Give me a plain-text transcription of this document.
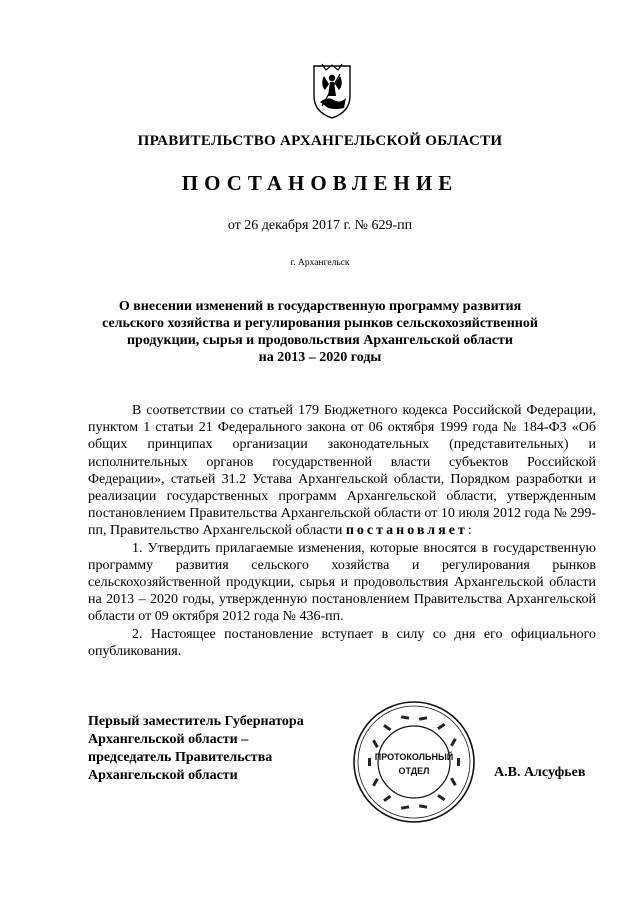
ПРАВИТЕЛЬСТВО АРХАНГЕЛЬСКОЙ ОБЛАСТИ
ПОСТАНОВЛЕНИЕ
от 26 декабря 2017 г. № 629-пп
г. Архангельск
О внесении изменений в государственную программу развития
сельского хозяйства и регулирования рынков сельскохозяйственной
продукции, сырья и продовольствия Архангельской области
на 2013 – 2020 годы

В соответствии со статьей 179 Бюджетного кодекса Российской Федерации, пунктом 1 статьи 21 Федерального закона от 06 октября 1999 года № 184-ФЗ «Об общих принципах организации законодательных (представительных) и исполнительных органов государственной власти субъектов Российской Федерации», статьей 31.2 Устава Архангельской области, Порядком разработки и реализации государственных программ Архангельской области, утвержденным постановлением Правительства Архангельской области от 10 июля 2012 года № 299-пп, Правительство Архангельской области постановляет:

1. Утвердить прилагаемые изменения, которые вносятся в государственную программу развития сельского хозяйства и регулирования рынков сельскохозяйственной продукции, сырья и продовольствия Архангельской области на 2013 – 2020 годы, утвержденную постановлением Правительства Архангельской области от 09 октября 2012 года № 436-пп.

2. Настоящее постановление вступает в силу со дня его официального опубликования.

Первый заместитель Губернатора
Архангельской области –
председатель Правительства
Архангельской области
ПРОТОКОЛЬНЫЙ
ОТДЕЛ	А.В. Алсуфьев
